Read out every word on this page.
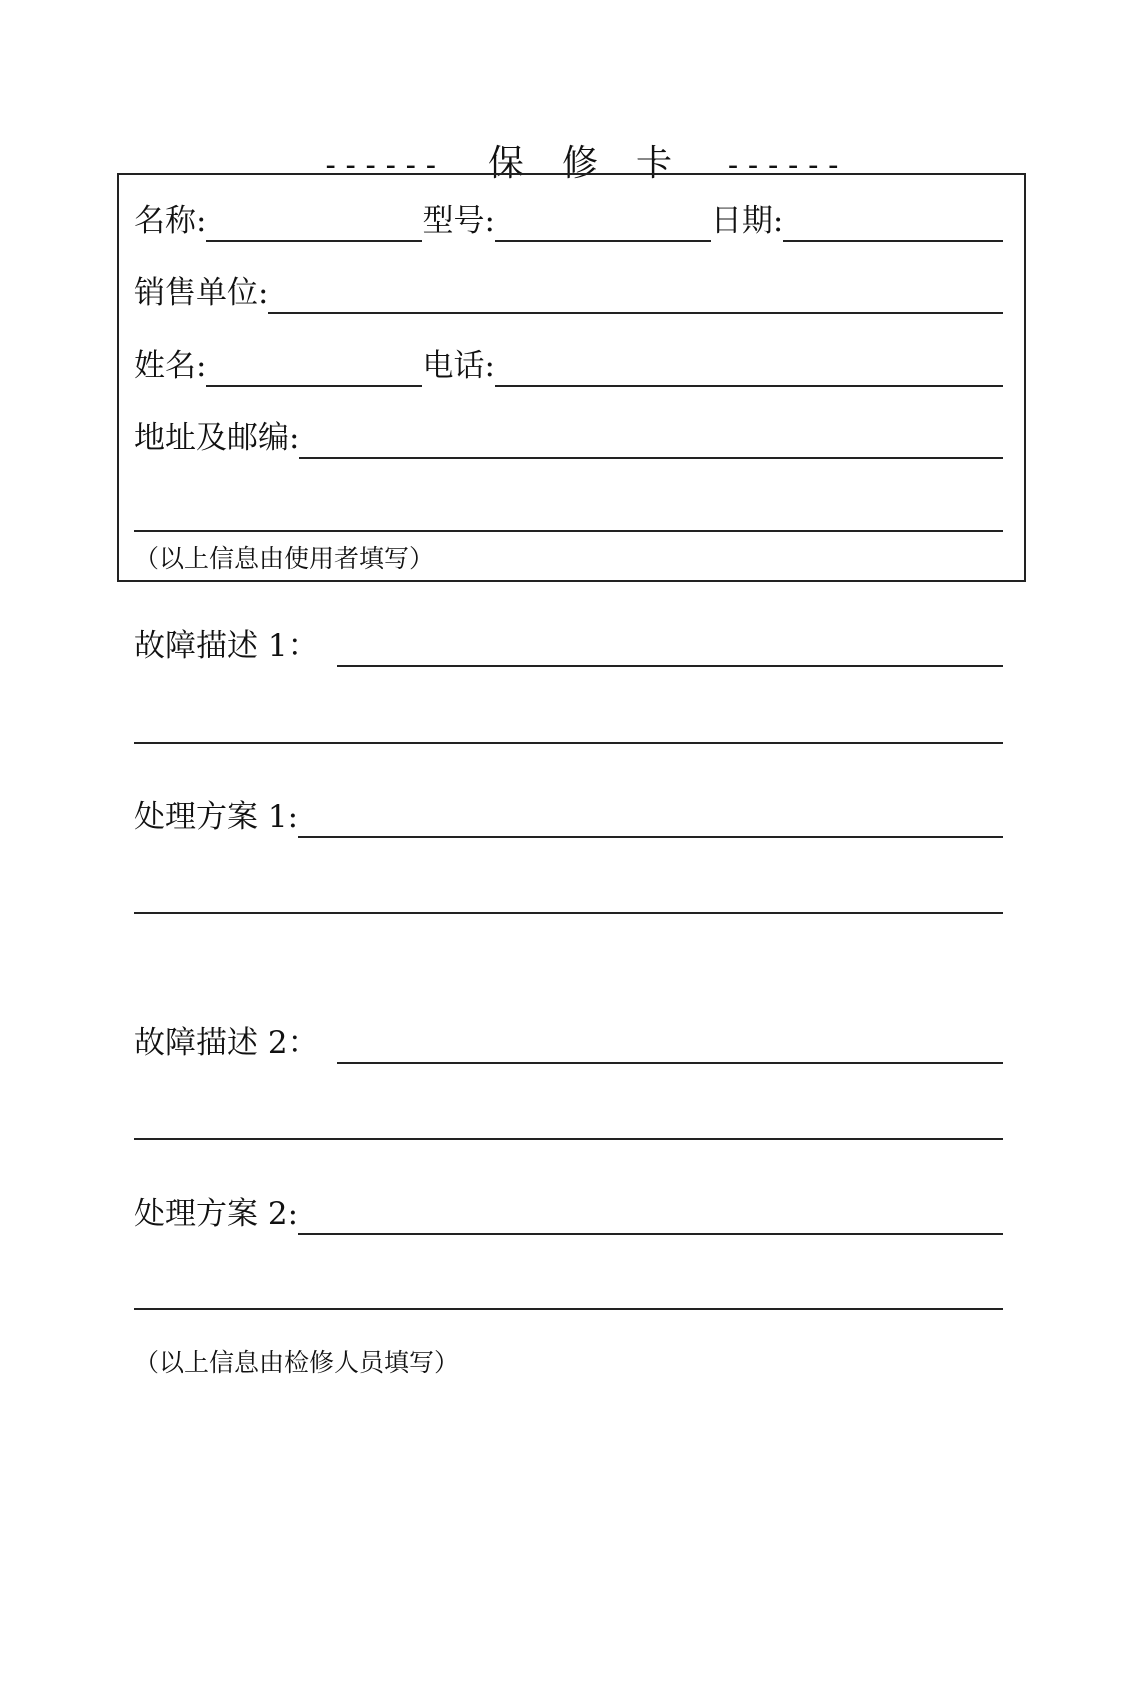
------ 保修卡 ------

名称:	型号:	日期:
销售单位:
姓名:	电话:
地址及邮编:
（以上信息由使用者填写）
故障描述 1：
处理方案 1:
故障描述 2：
处理方案 2:
（以上信息由检修人员填写）
